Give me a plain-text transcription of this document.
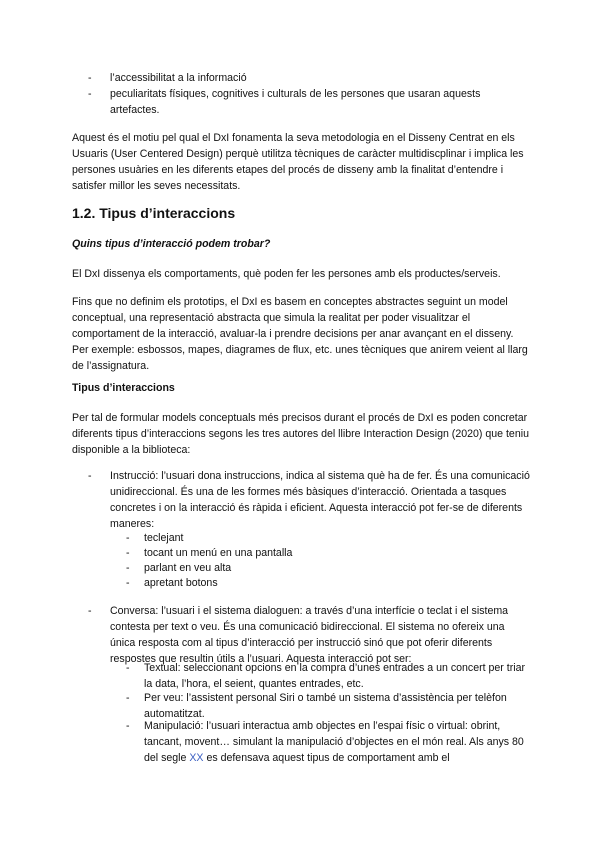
- l’accessibilitat a la informació
- peculiaritats físiques, cognitives i culturals de les persones que usaran aquests artefactes.

Aquest és el motiu pel qual el DxI fonamenta la seva metodologia en el Disseny Centrat en els Usuaris (User Centered Design) perquè utilitza tècniques de caràcter multidiscplinar i implica les persones usuàries en les diferents etapes del procés de disseny amb la finalitat d’entendre i satisfer millor les seves necessitats.

1.2. Tipus d’interaccions

Quins tipus d’interacció podem trobar?

El DxI dissenya els comportaments, què poden fer les persones amb els productes/serveis.

Fins que no definim els prototips, el DxI es basem en conceptes abstractes seguint un model conceptual, una representació abstracta que simula la realitat per poder visualitzar el comportament de la interacció, avaluar-la i prendre decisions per anar avançant en el disseny. Per exemple: esbossos, mapes, diagrames de flux, etc. unes tècniques que anirem veient al llarg de l’assignatura.

Tipus d’interaccions

Per tal de formular models conceptuals més precisos durant el procés de DxI es poden concretar diferents tipus d’interaccions segons les tres autores del llibre Interaction Design (2020) que teniu disponible a la biblioteca:

- Instrucció: l’usuari dona instruccions, indica al sistema què ha de fer. És una comunicació unidireccional. És una de les formes més bàsiques d’interacció. Orientada a tasques concretes i on la interacció és ràpida i eficient. Aquesta interacció pot fer-se de diferents maneres:
- teclejant
- tocant un menú en una pantalla
- parlant en veu alta
- apretant botons
- Conversa: l’usuari i el sistema dialoguen: a través d’una interfície o teclat i el sistema contesta per text o veu. És una comunicació bidireccional. El sistema no ofereix una única resposta com al tipus d’interacció per instrucció sinó que pot oferir diferents respostes que resultin útils a l’usuari. Aquesta interacció pot ser:
- Textual: seleccionant opcions en la compra d’unes entrades a un concert per triar la data, l’hora, el seient, quantes entrades, etc.
- Per veu: l’assistent personal Siri o també un sistema d’assistència per telèfon automatitzat.
- Manipulació: l’usuari interactua amb objectes en l’espai físic o virtual: obrint, tancant, movent… simulant la manipulació d’objectes en el món real. Als anys 80 del segle XX es defensava aquest tipus de comportament amb el
